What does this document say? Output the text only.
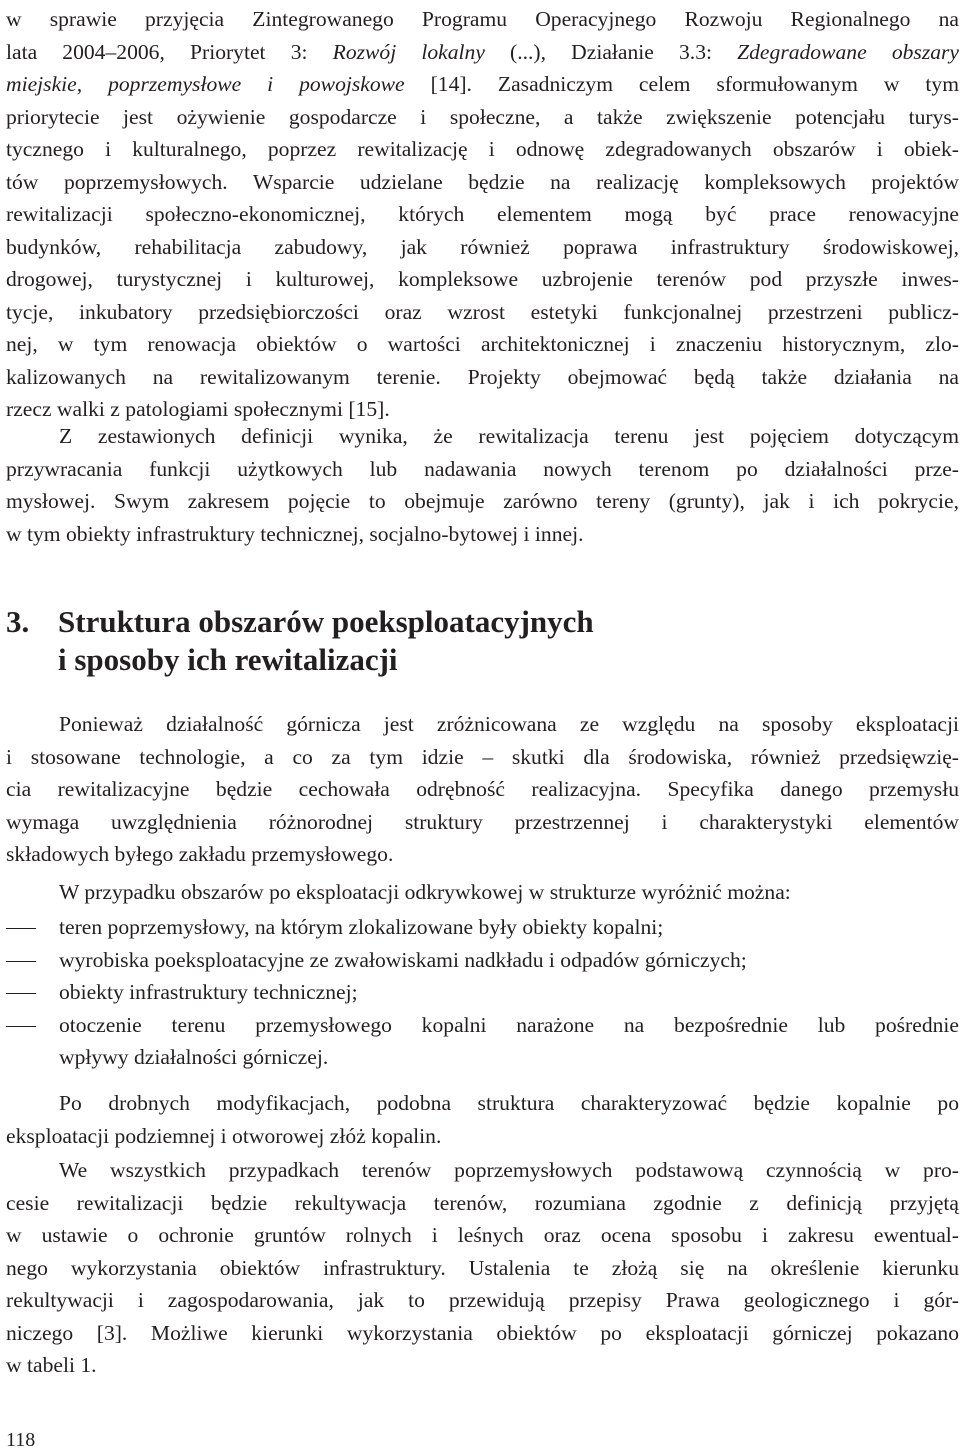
w sprawie przyjęcia Zintegrowanego Programu Operacyjnego Rozwoju Regionalnego na
lata 2004–2006, Priorytet 3: Rozwój lokalny (...), Działanie 3.3: Zdegradowane obszary
miejskie, poprzemysłowe i powojskowe [14]. Zasadniczym celem sformułowanym w tym
priorytecie jest ożywienie gospodarcze i społeczne, a także zwiększenie potencjału turys-
tycznego i kulturalnego, poprzez rewitalizację i odnowę zdegradowanych obszarów i obiek-
tów poprzemysłowych. Wsparcie udzielane będzie na realizację kompleksowych projektów
rewitalizacji społeczno-ekonomicznej, których elementem mogą być prace renowacyjne
budynków, rehabilitacja zabudowy, jak również poprawa infrastruktury środowiskowej,
drogowej, turystycznej i kulturowej, kompleksowe uzbrojenie terenów pod przyszłe inwes-
tycje, inkubatory przedsiębiorczości oraz wzrost estetyki funkcjonalnej przestrzeni publicz-
nej, w tym renowacja obiektów o wartości architektonicznej i znaczeniu historycznym, zlo-
kalizowanych na rewitalizowanym terenie. Projekty obejmować będą także działania na
rzecz walki z patologiami społecznymi [15].
Z zestawionych definicji wynika, że rewitalizacja terenu jest pojęciem dotyczącym
przywracania funkcji użytkowych lub nadawania nowych terenom po działalności prze-
mysłowej. Swym zakresem pojęcie to obejmuje zarówno tereny (grunty), jak i ich pokrycie,
w tym obiekty infrastruktury technicznej, socjalno-bytowej i innej.
3. Struktura obszarów poeksploatacyjnych
i sposoby ich rewitalizacji
Ponieważ działalność górnicza jest zróżnicowana ze względu na sposoby eksploatacji
i stosowane technologie, a co za tym idzie – skutki dla środowiska, również przedsięwzię-
cia rewitalizacyjne będzie cechowała odrębność realizacyjna. Specyfika danego przemysłu
wymaga uwzględnienia różnorodnej struktury przestrzennej i charakterystyki elementów
składowych byłego zakładu przemysłowego.
W przypadku obszarów po eksploatacji odkrywkowej w strukturze wyróżnić można:
teren poprzemysłowy, na którym zlokalizowane były obiekty kopalni;
wyrobiska poeksploatacyjne ze zwałowiskami nadkładu i odpadów górniczych;
obiekty infrastruktury technicznej;
otoczenie terenu przemysłowego kopalni narażone na bezpośrednie lub pośrednie
wpływy działalności górniczej.
Po drobnych modyfikacjach, podobna struktura charakteryzować będzie kopalnie po
eksploatacji podziemnej i otworowej złóż kopalin.
We wszystkich przypadkach terenów poprzemysłowych podstawową czynnością w pro-
cesie rewitalizacji będzie rekultywacja terenów, rozumiana zgodnie z definicją przyjętą
w ustawie o ochronie gruntów rolnych i leśnych oraz ocena sposobu i zakresu ewentual-
nego wykorzystania obiektów infrastruktury. Ustalenia te złożą się na określenie kierunku
rekultywacji i zagospodarowania, jak to przewidują przepisy Prawa geologicznego i gór-
niczego [3]. Możliwe kierunki wykorzystania obiektów po eksploatacji górniczej pokazano
w tabeli 1.
118
